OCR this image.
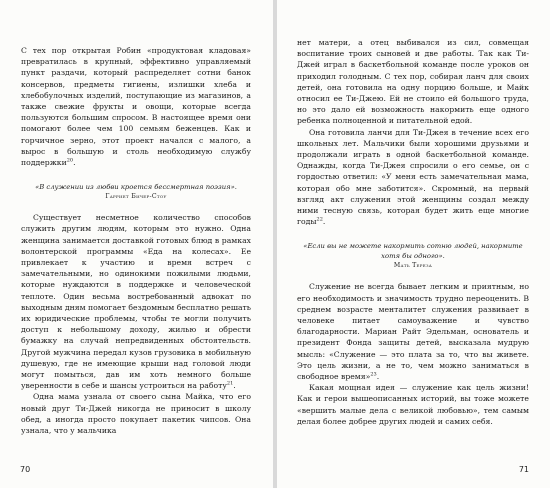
С тех пор открытая Робин «продуктовая кладовая» превратилась в крупный, эффективно управляемый пункт раздачи, который распределяет сотни банок консервов, предметы гигиены, излишки хлеба и хлебобулочных изделий, поступающие из магазинов, а также свежие фрукты и овощи, которые всегда пользуются большим спросом. В настоящее время они помогают более чем 100 семьям беженцев. Как и горчичное зерно, этот проект начался с малого, а вырос в большую и столь необходимую службу поддержки$^{20}$.

«В служении из любви кроется бессмертная поэзия».
Гарриет Бичер-Стоу

Существует несметное количество способов служить другим людям, которым это нужно. Одна женщина занимается доставкой готовых блюд в рамках волонтерской программы «Еда на колесах». Ее привлекает к участию и время встреч с замечательными, но одинокими пожилыми людьми, которые нуждаются в поддержке и человеческой теплоте. Один весьма востребованный адвокат по выходным дням помогает бездомным бесплатно решать их юридические проблемы, чтобы те могли получить доступ к небольшому доходу, жилью и обрести бумажку на случай непредвиденных обстоятельств. Другой мужчина передал кузов грузовика в мобильную душевую, где не имеющие крыши над головой люди могут помыться, дав им хоть немного больше уверенности в себе и шансы устроиться на работу$^{21}$.

Одна мама узнала от своего сына Майка, что его новый друг Ти-Джей никогда не приносит в школу обед, а иногда просто покупает пакетик чипсов. Она узнала, что у мальчика

70

нет матери, а отец выбивался из сил, совмещая воспитание троих сыновей и две работы. Так как Ти-Джей играл в баскетбольной команде после уроков он приходил голодным. С тех пор, собирая ланч для своих детей, она готовила на одну порцию больше, и Майк относил ее Ти-Джею. Ей не стоило ей большого труда, но это дало ей возможность накормить еще одного ребенка полноценной и питательной едой.

Она готовила ланчи для Ти-Джея в течение всех его школьных лет. Мальчики были хорошими друзьями и продолжали играть в одной баскетбольной команде. Однажды, когда Ти-Джея спросили о его семье, он с гордостью ответил: «У меня есть замечательная мама, которая обо мне заботится». Скромный, на первый взгляд акт служения этой женщины создал между ними тесную связь, которая будет жить еще многие годы$^{22}$.

«Если вы не можете накормить сотню людей, накормите хотя бы одного».
Мать Тереза

Служение не всегда бывает легким и приятным, но его необходимость и значимость трудно переоценить. В среднем возрасте менталитет служения развивает в человеке питает самоуважение и чувство благодарности. Мариан Райт Эдельман, основатель и президент Фонда защиты детей, высказала мудрую мысль: «Служение — это плата за то, что вы живете. Это цель жизни, а не то, чем можно заниматься в свободное время»$^{23}$.

Какая мощная идея — служение как цель жизни! Как и герои вышеописанных историй, вы тоже можете «вершить малые дела с великой любовью», тем самым делая более добрее других людей и самих себя.

71
